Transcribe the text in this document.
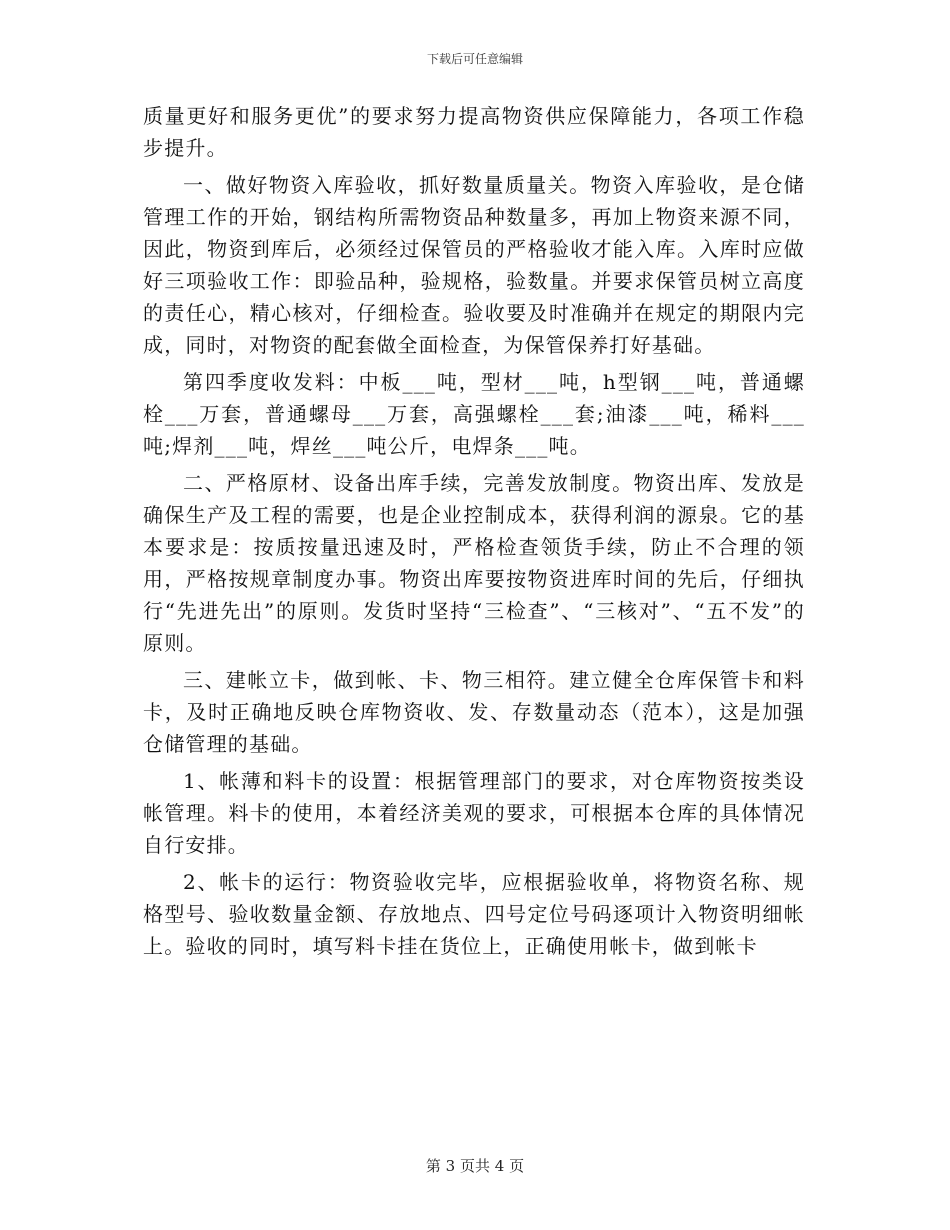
下载后可任意编辑

质量更好和服务更优”的要求努力提高物资供应保障能力，各项工作稳步提升。

一、做好物资入库验收，抓好数量质量关。物资入库验收，是仓储管理工作的开始，钢结构所需物资品种数量多，再加上物资来源不同，因此，物资到库后，必须经过保管员的严格验收才能入库。入库时应做好三项验收工作：即验品种，验规格，验数量。并要求保管员树立高度的责任心，精心核对，仔细检查。验收要及时准确并在规定的期限内完成，同时，对物资的配套做全面检查，为保管保养打好基础。

第四季度收发料：中板___吨，型材___吨，h型钢___吨，普通螺栓___万套，普通螺母___万套，高强螺栓___套;油漆___吨，稀料___吨;焊剂___吨，焊丝___吨公斤，电焊条___吨。

二、严格原材、设备出库手续，完善发放制度。物资出库、发放是确保生产及工程的需要，也是企业控制成本，获得利润的源泉。它的基本要求是：按质按量迅速及时，严格检查领货手续，防止不合理的领用，严格按规章制度办事。物资出库要按物资进库时间的先后，仔细执行“先进先出”的原则。发货时坚持“三检查”、“三核对”、“五不发”的原则。

三、建帐立卡，做到帐、卡、物三相符。建立健全仓库保管卡和料卡，及时正确地反映仓库物资收、发、存数量动态（范本），这是加强仓储管理的基础。

1、帐薄和料卡的设置：根据管理部门的要求，对仓库物资按类设帐管理。料卡的使用，本着经济美观的要求，可根据本仓库的具体情况自行安排。

2、帐卡的运行：物资验收完毕，应根据验收单，将物资名称、规格型号、验收数量金额、存放地点、四号定位号码逐项计入物资明细帐上。验收的同时，填写料卡挂在货位上，正确使用帐卡，做到帐卡

第 3 页共 4 页
